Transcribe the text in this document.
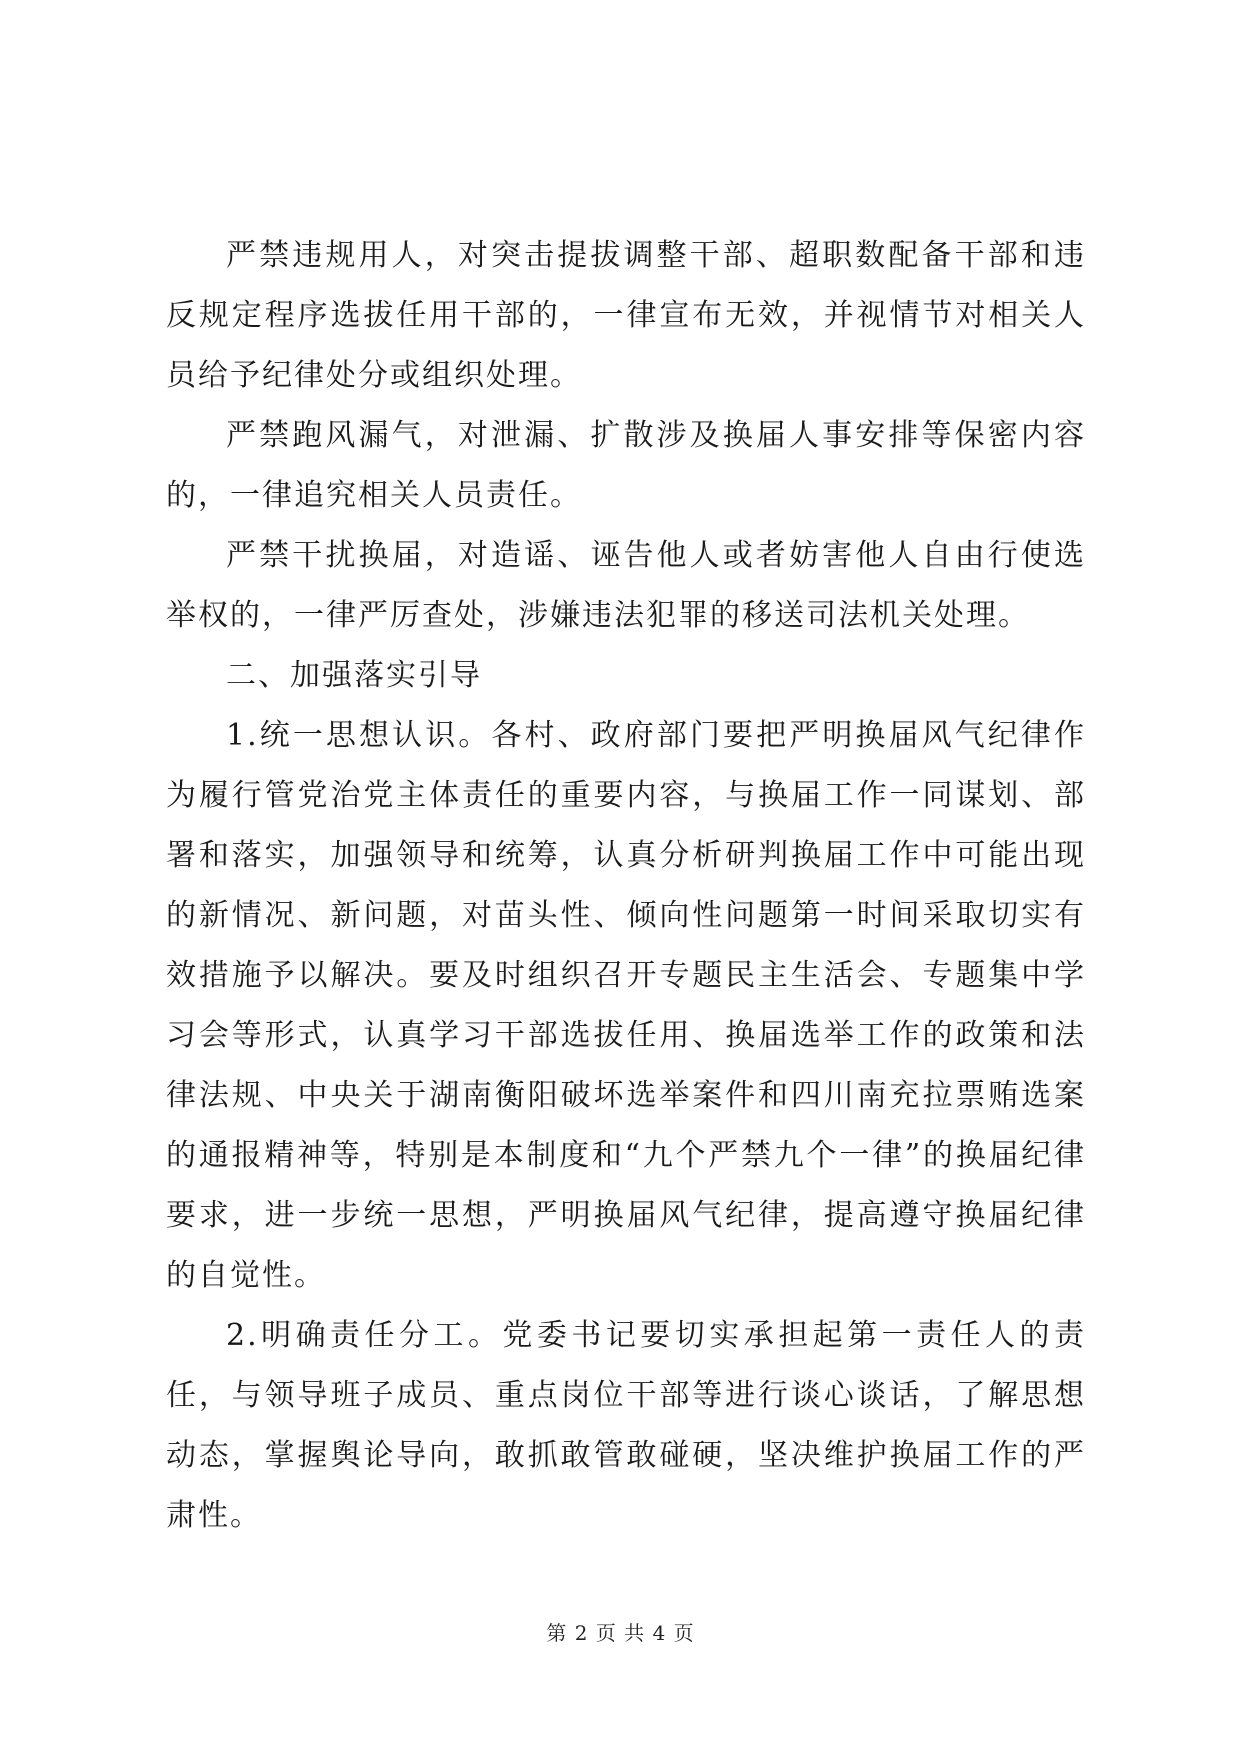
严禁违规用人，对突击提拔调整干部、超职数配备干部和违反规定程序选拔任用干部的，一律宣布无效，并视情节对相关人员给予纪律处分或组织处理。

严禁跑风漏气，对泄漏、扩散涉及换届人事安排等保密内容的，一律追究相关人员责任。

严禁干扰换届，对造谣、诬告他人或者妨害他人自由行使选举权的，一律严厉查处，涉嫌违法犯罪的移送司法机关处理。

二、加强落实引导

1.统一思想认识。各村、政府部门要把严明换届风气纪律作为履行管党治党主体责任的重要内容，与换届工作一同谋划、部署和落实，加强领导和统筹，认真分析研判换届工作中可能出现的新情况、新问题，对苗头性、倾向性问题第一时间采取切实有效措施予以解决。要及时组织召开专题民主生活会、专题集中学习会等形式，认真学习干部选拔任用、换届选举工作的政策和法律法规、中央关于湖南衡阳破坏选举案件和四川南充拉票贿选案的通报精神等，特别是本制度和“九个严禁九个一律”的换届纪律要求，进一步统一思想，严明换届风气纪律，提高遵守换届纪律的自觉性。

2.明确责任分工。党委书记要切实承担起第一责任人的责任，与领导班子成员、重点岗位干部等进行谈心谈话，了解思想动态，掌握舆论导向，敢抓敢管敢碰硬，坚决维护换届工作的严肃性。

第 2 页 共 4 页
